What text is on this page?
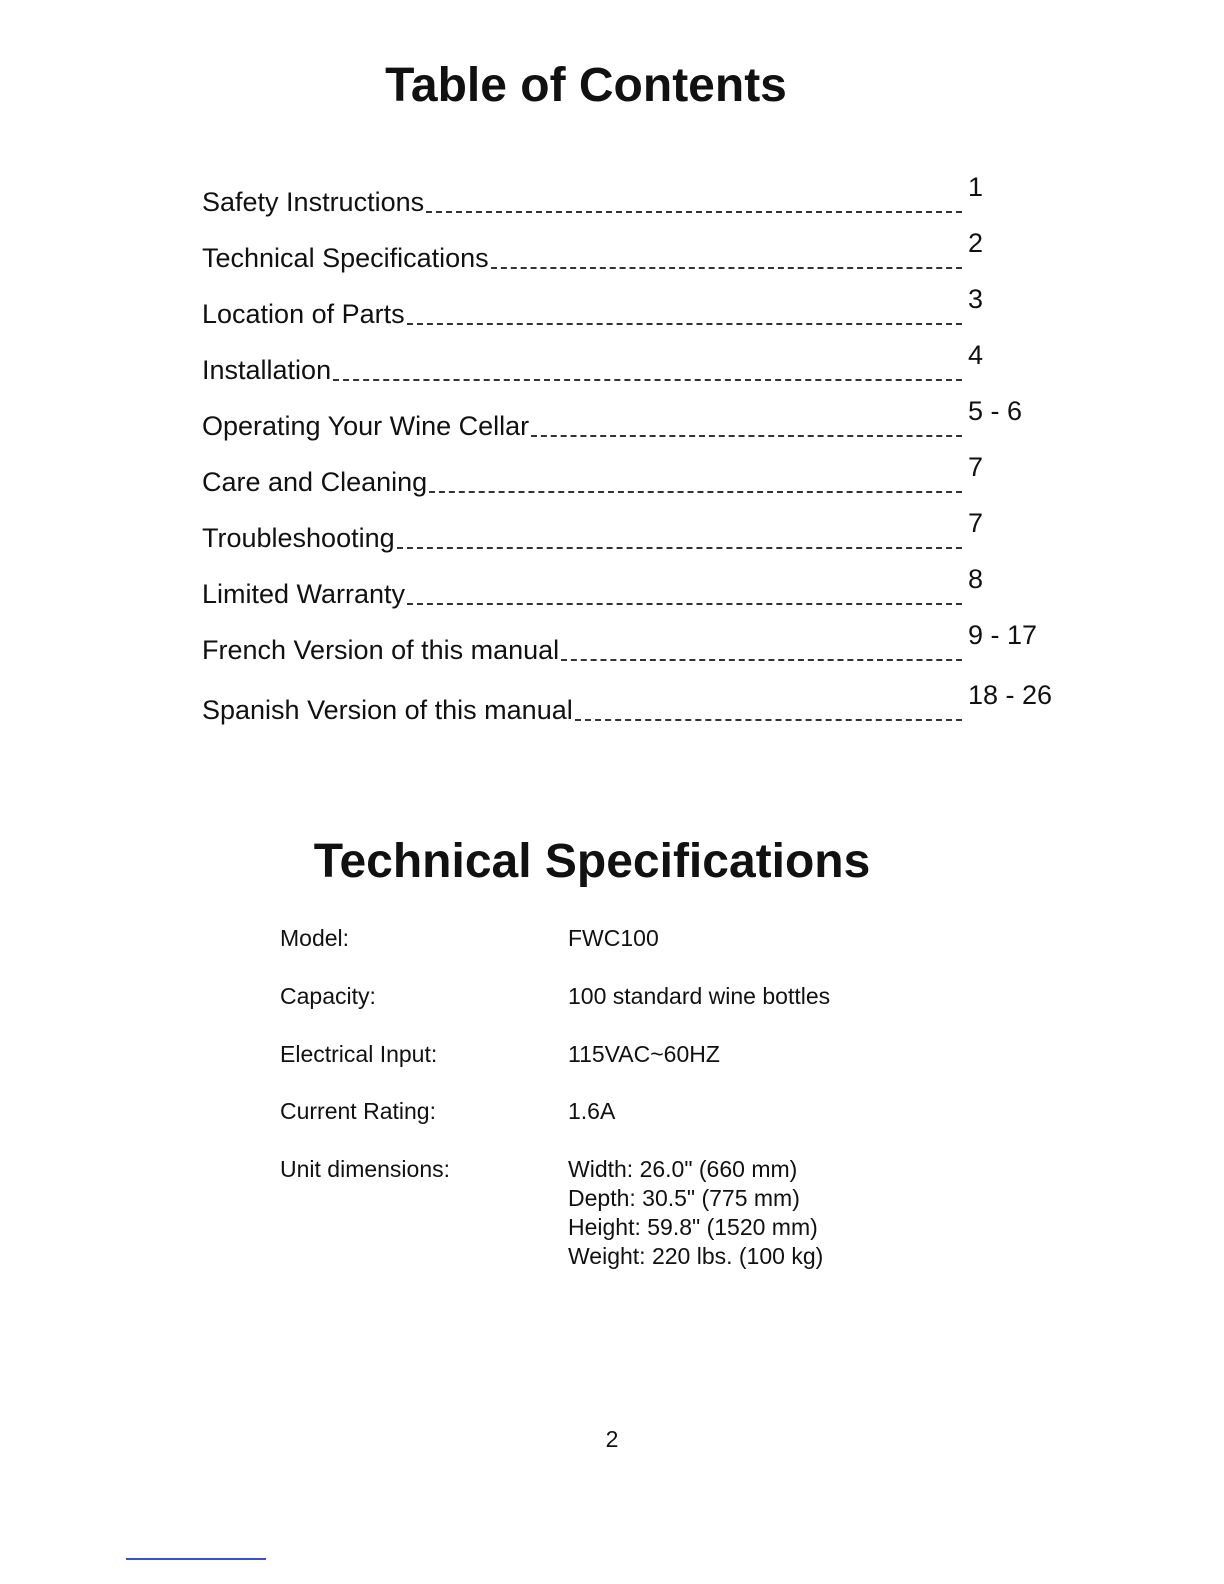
Table of Contents
Safety Instructions	1
Technical Specifications	2
Location of Parts	3
Installation	4
Operating Your Wine Cellar	5 - 6
Care and Cleaning	7
Troubleshooting	7
Limited Warranty	8
French Version of this manual	9 - 17
Spanish Version of this manual	18 - 26
Technical Specifications
Model:	FWC100
Capacity:	100 standard wine bottles
Electrical Input:	115VAC~60HZ
Current Rating:	1.6A
Unit dimensions:	Width: 26.0" (660 mm)
Depth: 30.5" (775 mm)
Height: 59.8" (1520 mm)
Weight: 220 lbs. (100 kg)
2
